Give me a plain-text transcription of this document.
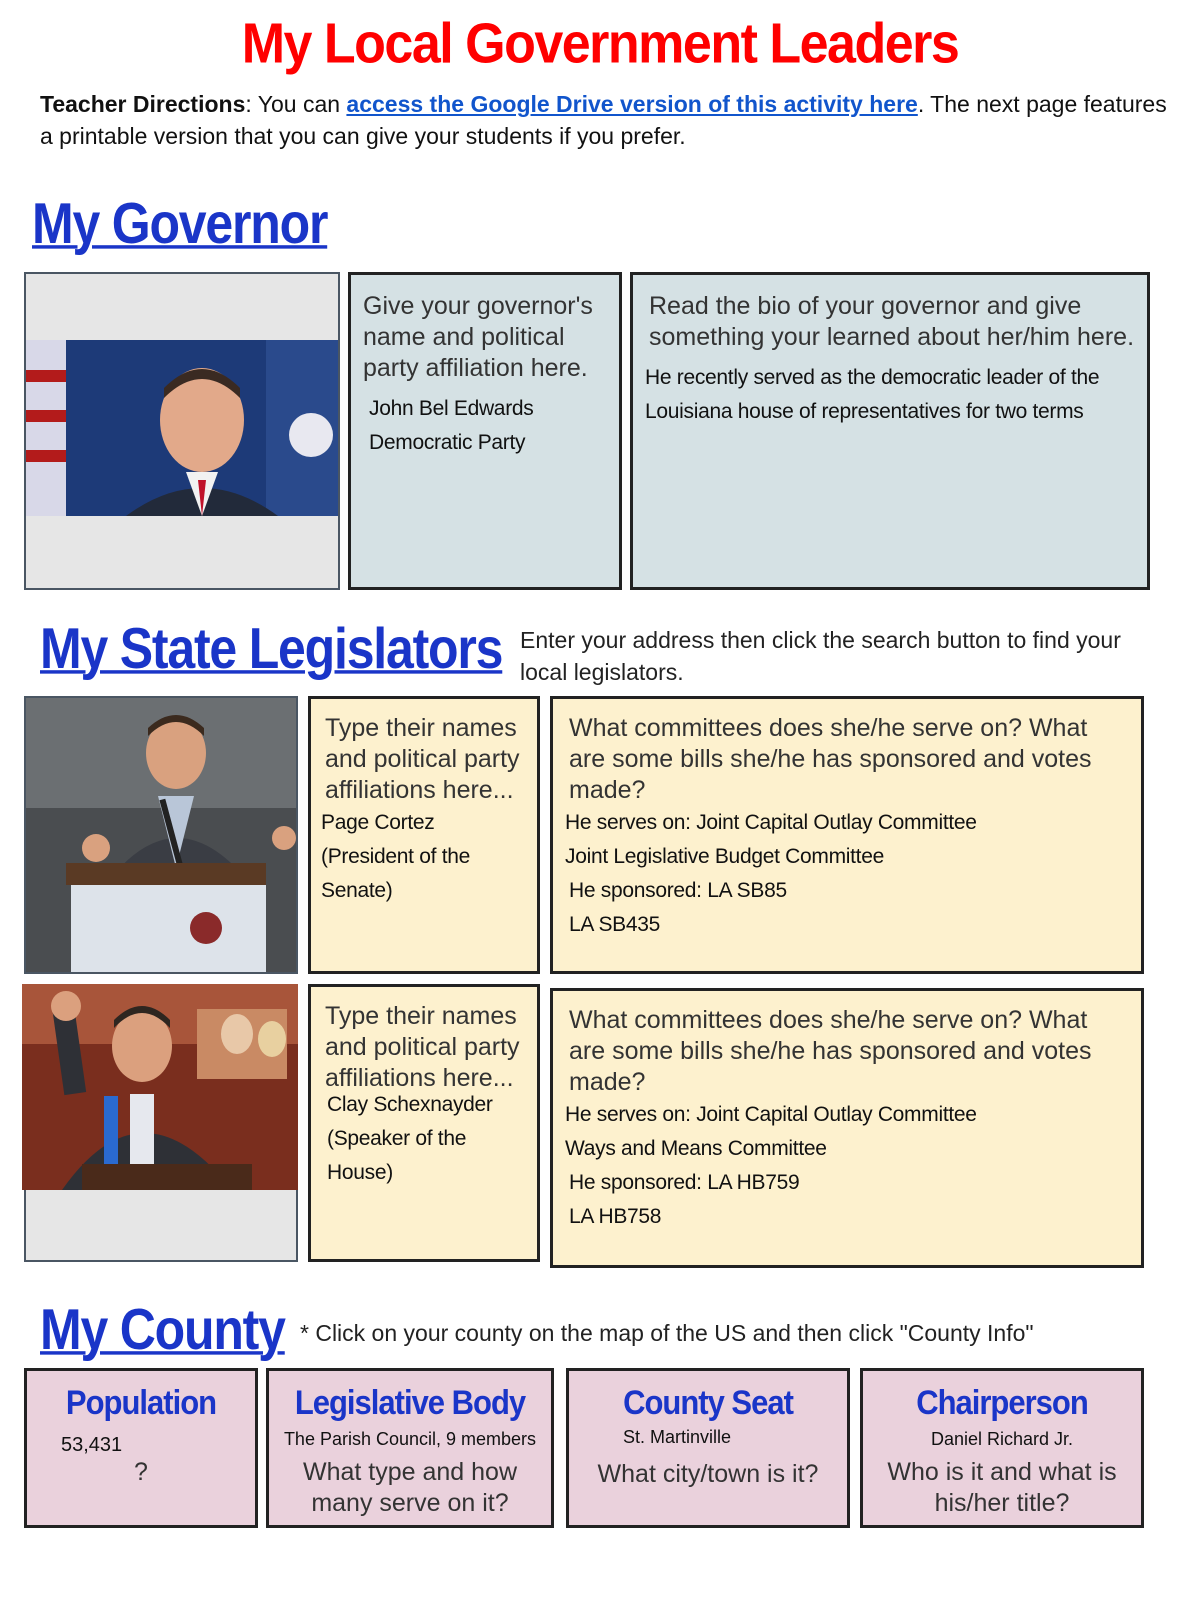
My Local Government Leaders
Teacher Directions: You can access the Google Drive version of this activity here. The next page features a printable version that you can give your students if you prefer.
My Governor
Give your governor's name and political party affiliation here.
John Bel Edwards
Democratic Party
Read the bio of your governor and give something your learned about her/him here.
He recently served as the democratic leader of the
Louisiana house of representatives for two terms
My State Legislators Enter your address then click the search button to find your local legislators.
Type their names and political party affiliations here...
Page Cortez
(President of the
Senate)
What committees does she/he serve on? What are some bills she/he has sponsored and votes made?
He serves on: Joint Capital Outlay Committee
Joint Legislative Budget Committee
He sponsored: LA SB85
LA SB435
Type their names and political party affiliations here...
Clay Schexnayder
(Speaker of the
House)
What committees does she/he serve on? What are some bills she/he has sponsored and votes made?
He serves on: Joint Capital Outlay Committee
Ways and Means Committee
He sponsored: LA HB759
LA HB758
My County * Click on your county on the map of the US and then click "County Info"
Population
53,431
?
Legislative Body
The Parish Council, 9 members
What type and how many serve on it?
County Seat
St. Martinville
What city/town is it?
Chairperson
Daniel Richard Jr.
Who is it and what is his/her title?
